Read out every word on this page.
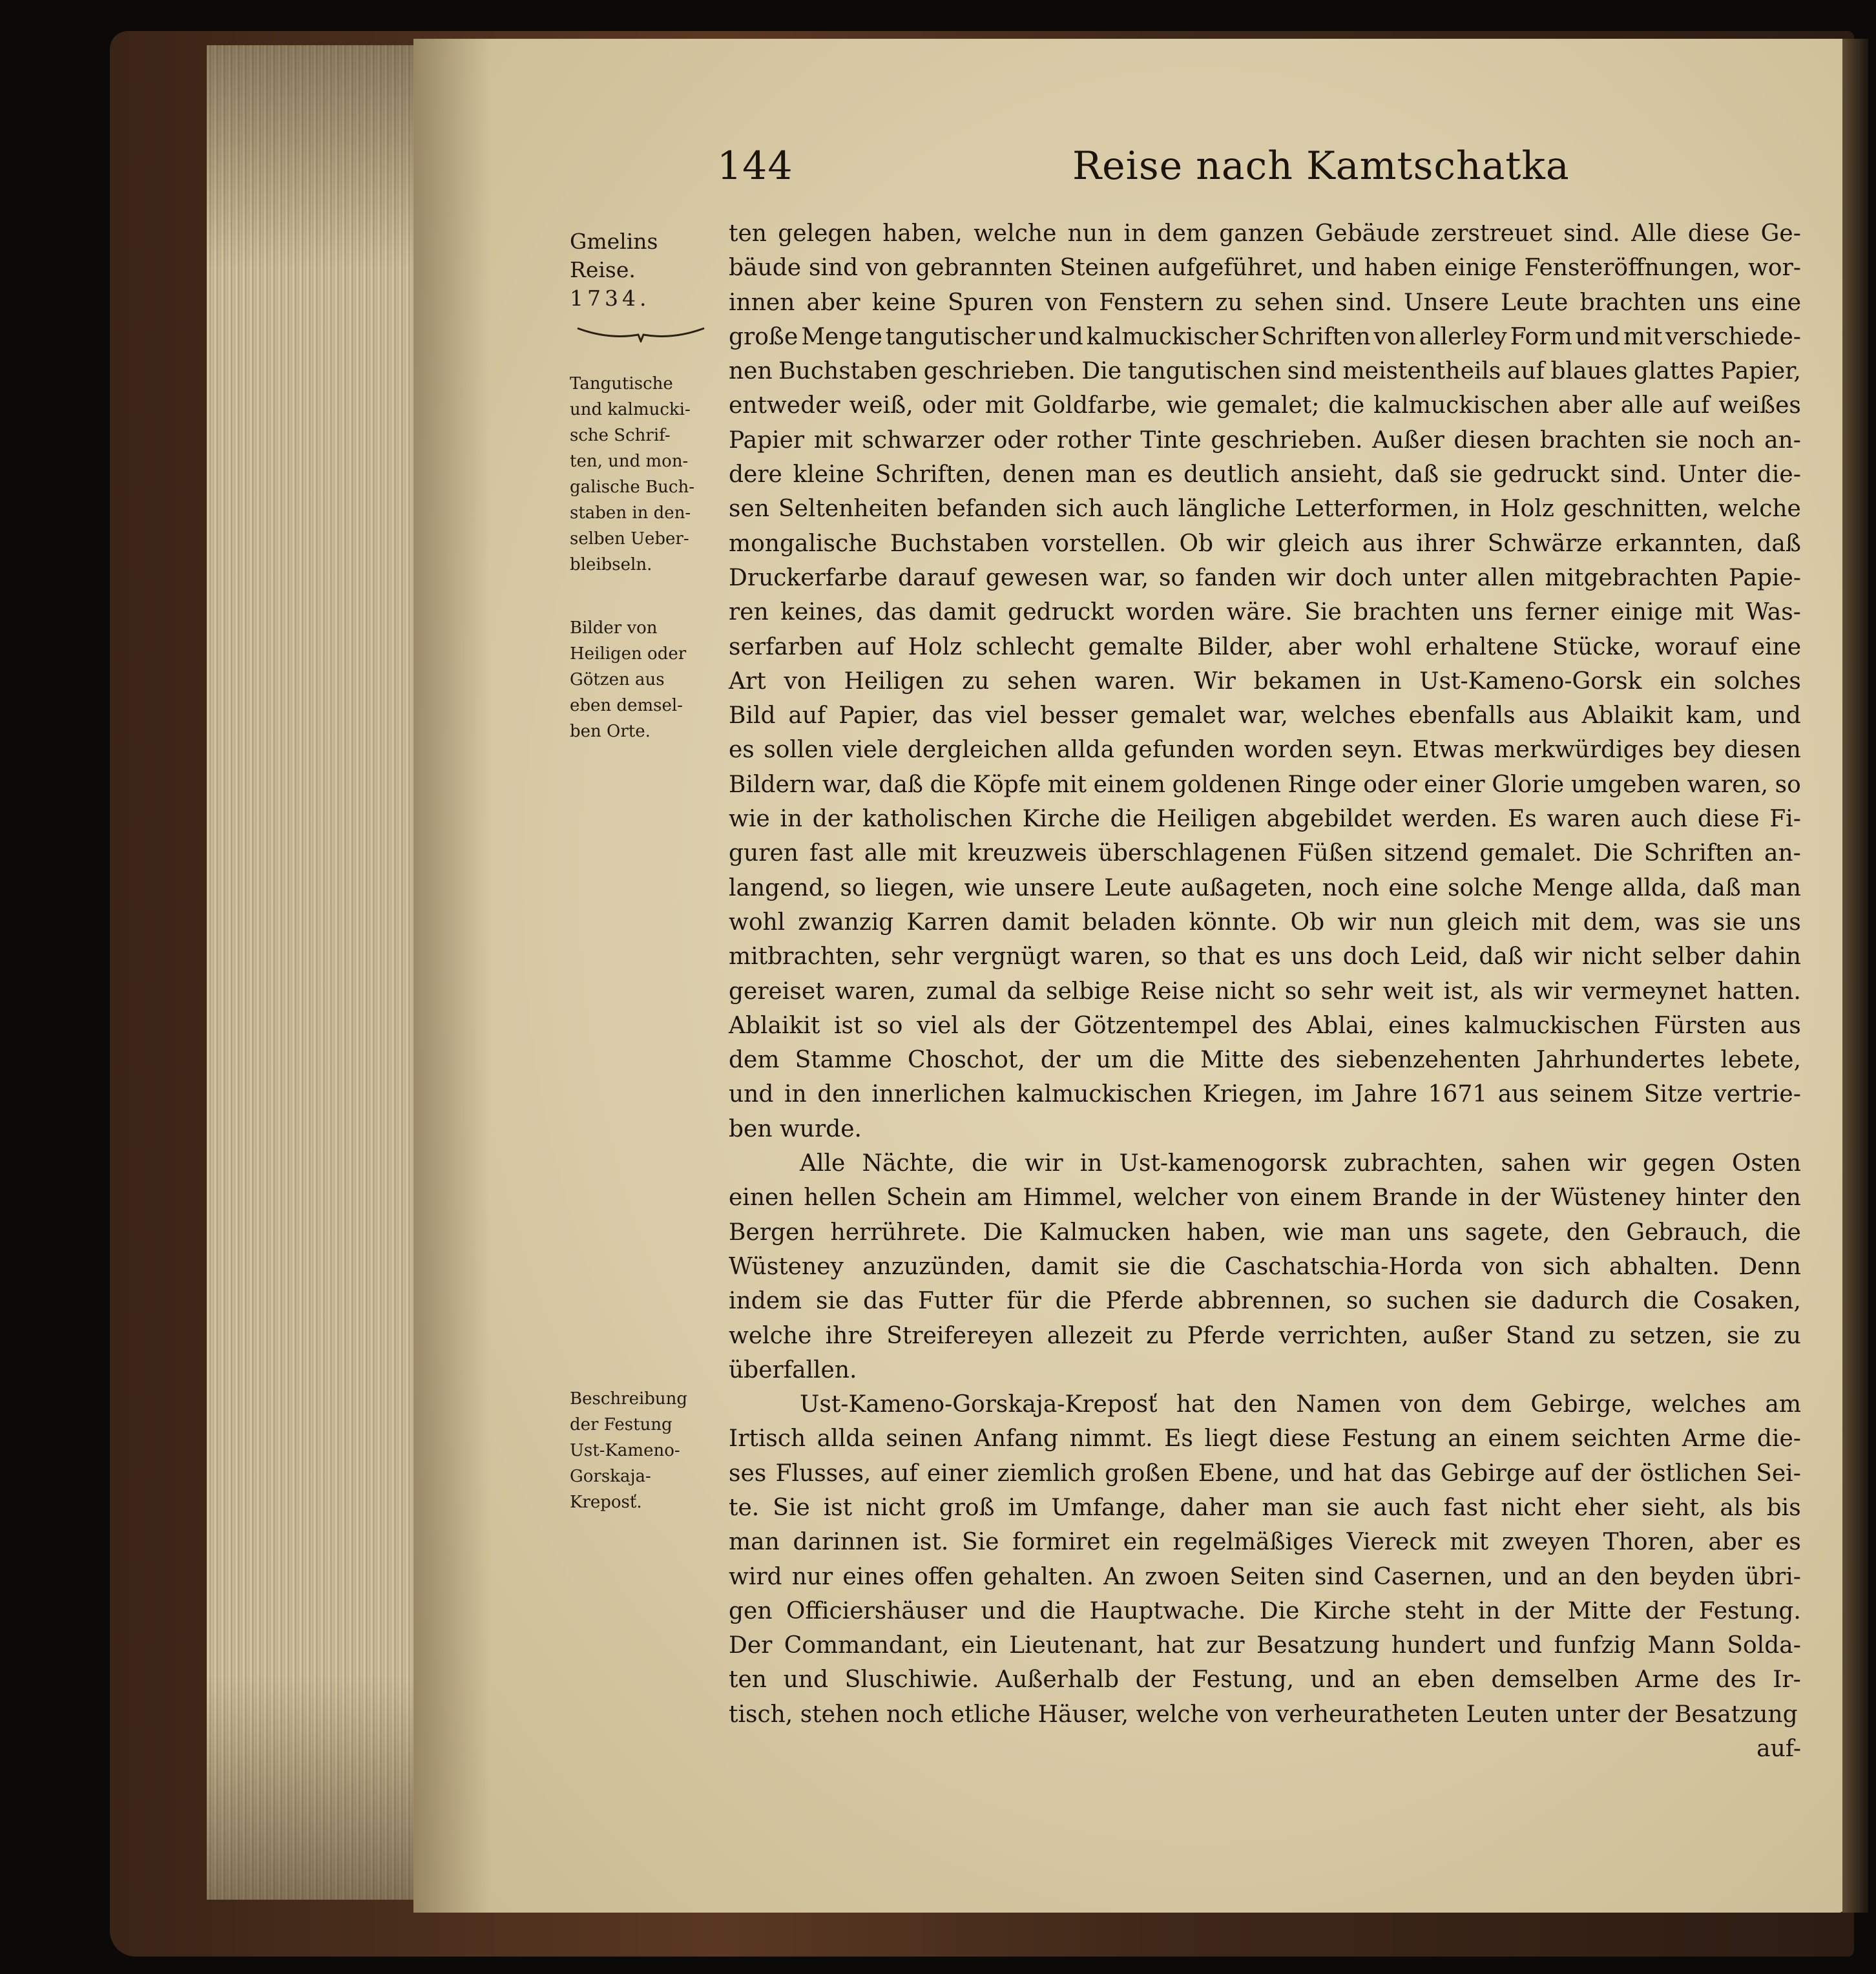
144	Reise nach Kamtschatka
Gmelins
Reise.
1734.
Tangutische
und kalmucki-
sche Schrif-
ten, und mon-
galische Buch-
staben in den-
selben Ueber-
bleibseln.
Bilder von
Heiligen oder
Götzen aus
eben demsel-
ben Orte.
Beschreibung
der Festung
Ust-Kameno-
Gorskaja-
Kreposť.
ten gelegen haben, welche nun in dem ganzen Gebäude zerstreuet sind. Alle diese Ge-
bäude sind von gebrannten Steinen aufgeführet, und haben einige Fensteröffnungen, wor-
innen aber keine Spuren von Fenstern zu sehen sind. Unsere Leute brachten uns eine
große Menge tangutischer und kalmuckischer Schriften von allerley Form und mit verschiede-
nen Buchstaben geschrieben. Die tangutischen sind meistentheils auf blaues glattes Papier,
entweder weiß, oder mit Goldfarbe, wie gemalet; die kalmuckischen aber alle auf weißes
Papier mit schwarzer oder rother Tinte geschrieben. Außer diesen brachten sie noch an-
dere kleine Schriften, denen man es deutlich ansieht, daß sie gedruckt sind. Unter die-
sen Seltenheiten befanden sich auch längliche Letterformen, in Holz geschnitten, welche
mongalische Buchstaben vorstellen. Ob wir gleich aus ihrer Schwärze erkannten, daß
Druckerfarbe darauf gewesen war, so fanden wir doch unter allen mitgebrachten Papie-
ren keines, das damit gedruckt worden wäre. Sie brachten uns ferner einige mit Was-
serfarben auf Holz schlecht gemalte Bilder, aber wohl erhaltene Stücke, worauf eine
Art von Heiligen zu sehen waren. Wir bekamen in Ust-Kameno-Gorsk ein solches
Bild auf Papier, das viel besser gemalet war, welches ebenfalls aus Ablaikit kam, und
es sollen viele dergleichen allda gefunden worden seyn. Etwas merkwürdiges bey diesen
Bildern war, daß die Köpfe mit einem goldenen Ringe oder einer Glorie umgeben waren, so
wie in der katholischen Kirche die Heiligen abgebildet werden. Es waren auch diese Fi-
guren fast alle mit kreuzweis überschlagenen Füßen sitzend gemalet. Die Schriften an-
langend, so liegen, wie unsere Leute außageten, noch eine solche Menge allda, daß man
wohl zwanzig Karren damit beladen könnte. Ob wir nun gleich mit dem, was sie uns
mitbrachten, sehr vergnügt waren, so that es uns doch Leid, daß wir nicht selber dahin
gereiset waren, zumal da selbige Reise nicht so sehr weit ist, als wir vermeynet hatten.
Ablaikit ist so viel als der Götzentempel des Ablai, eines kalmuckischen Fürsten aus
dem Stamme Choschot, der um die Mitte des siebenzehenten Jahrhundertes lebete,
und in den innerlichen kalmuckischen Kriegen, im Jahre 1671 aus seinem Sitze vertrie-
ben wurde.
Alle Nächte, die wir in Ust-kamenogorsk zubrachten, sahen wir gegen Osten
einen hellen Schein am Himmel, welcher von einem Brande in der Wüsteney hinter den
Bergen herrührete. Die Kalmucken haben, wie man uns sagete, den Gebrauch, die
Wüsteney anzuzünden, damit sie die Caschatschia-Horda von sich abhalten. Denn
indem sie das Futter für die Pferde abbrennen, so suchen sie dadurch die Cosaken,
welche ihre Streifereyen allezeit zu Pferde verrichten, außer Stand zu setzen, sie zu
überfallen.
Ust-Kameno-Gorskaja-Kreposť hat den Namen von dem Gebirge, welches am
Irtisch allda seinen Anfang nimmt. Es liegt diese Festung an einem seichten Arme die-
ses Flusses, auf einer ziemlich großen Ebene, und hat das Gebirge auf der östlichen Sei-
te. Sie ist nicht groß im Umfange, daher man sie auch fast nicht eher sieht, als bis
man darinnen ist. Sie formiret ein regelmäßiges Viereck mit zweyen Thoren, aber es
wird nur eines offen gehalten. An zwoen Seiten sind Casernen, und an den beyden übri-
gen Officiershäuser und die Hauptwache. Die Kirche steht in der Mitte der Festung.
Der Commandant, ein Lieutenant, hat zur Besatzung hundert und funfzig Mann Solda-
ten und Sluschiwie. Außerhalb der Festung, und an eben demselben Arme des Ir-
tisch, stehen noch etliche Häuser, welche von verheuratheten Leuten unter der Besatzung
auf-
